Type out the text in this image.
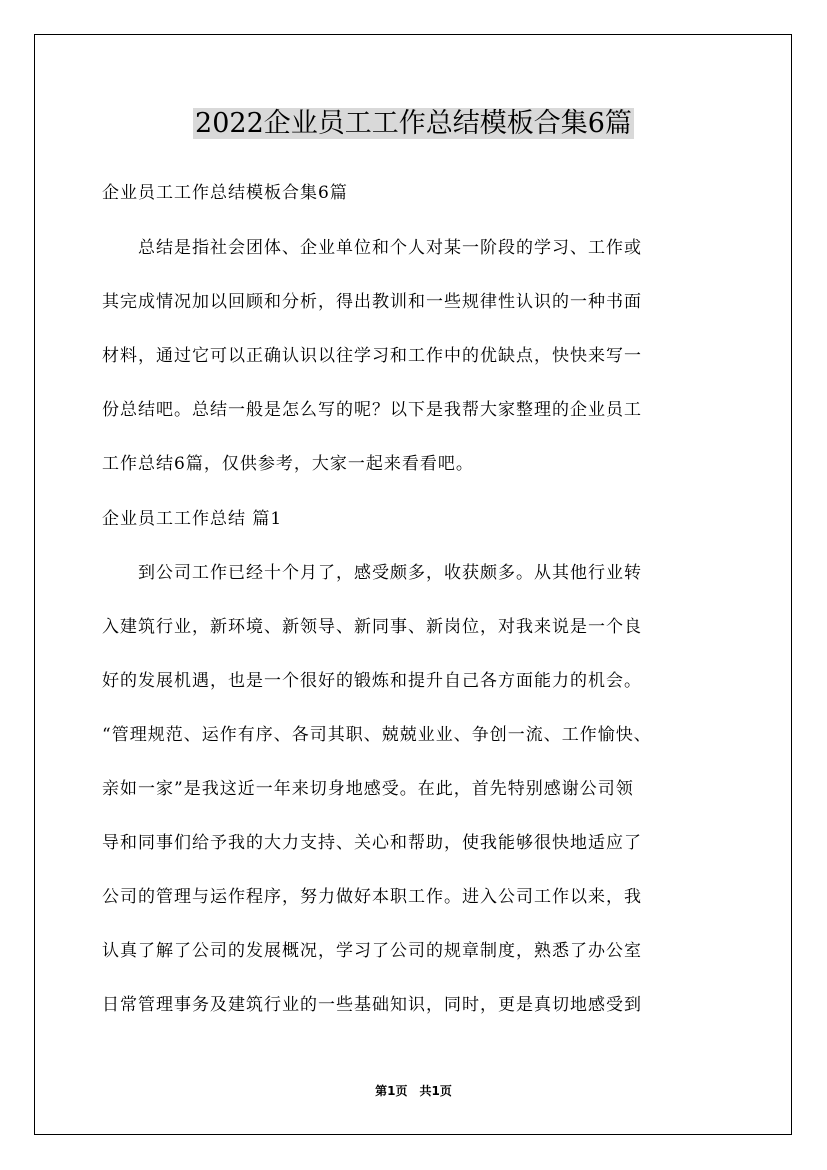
2022企业员工工作总结模板合集6篇
企业员工工作总结模板合集6篇
　　总结是指社会团体、企业单位和个人对某一阶段的学习、工作或
其完成情况加以回顾和分析，得出教训和一些规律性认识的一种书面
材料，通过它可以正确认识以往学习和工作中的优缺点，快快来写一
份总结吧。总结一般是怎么写的呢？以下是我帮大家整理的企业员工
工作总结6篇，仅供参考，大家一起来看看吧。
企业员工工作总结 篇1
　　到公司工作已经十个月了，感受颇多，收获颇多。从其他行业转
入建筑行业，新环境、新领导、新同事、新岗位，对我来说是一个良
好的发展机遇，也是一个很好的锻炼和提升自己各方面能力的机会。
“管理规范、运作有序、各司其职、兢兢业业、争创一流、工作愉快、
亲如一家”是我这近一年来切身地感受。在此，首先特别感谢公司领
导和同事们给予我的大力支持、关心和帮助，使我能够很快地适应了
公司的管理与运作程序，努力做好本职工作。进入公司工作以来，我
认真了解了公司的发展概况，学习了公司的规章制度，熟悉了办公室
日常管理事务及建筑行业的一些基础知识，同时，更是真切地感受到
第1页　共1页
